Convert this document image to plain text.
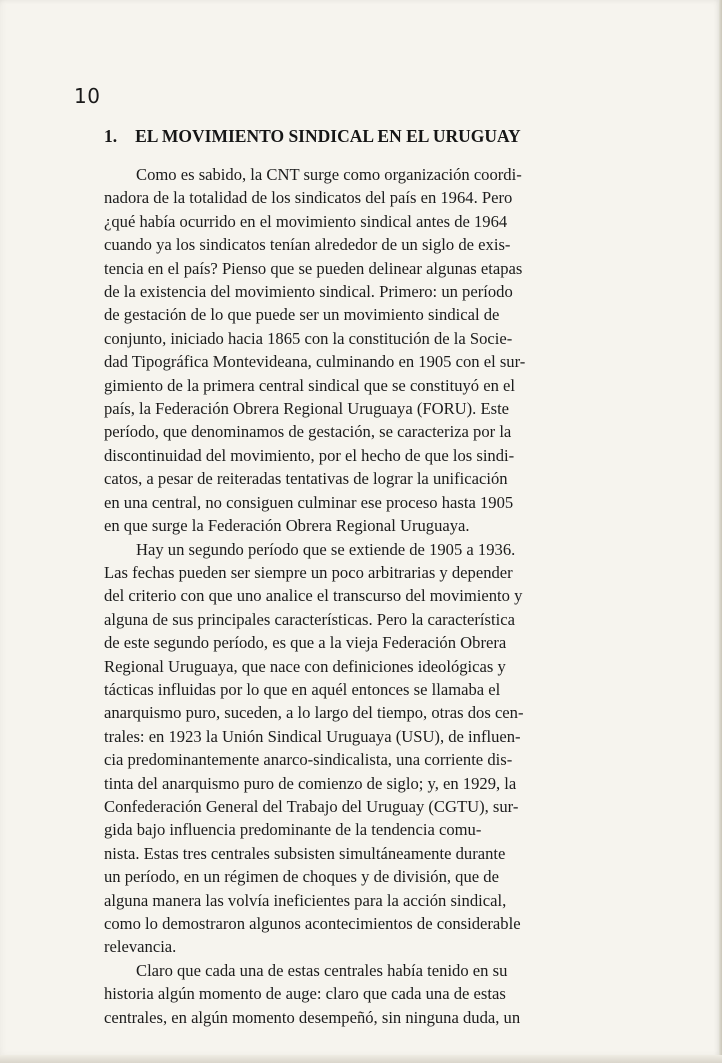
10
1. EL MOVIMIENTO SINDICAL EN EL URUGUAY

Como es sabido, la CNT surge como organización coordi-
nadora de la totalidad de los sindicatos del país en 1964. Pero
¿qué había ocurrido en el movimiento sindical antes de 1964
cuando ya los sindicatos tenían alrededor de un siglo de exis-
tencia en el país? Pienso que se pueden delinear algunas etapas
de la existencia del movimiento sindical. Primero: un período
de gestación de lo que puede ser un movimiento sindical de
conjunto, iniciado hacia 1865 con la constitución de la Socie-
dad Tipográfica Montevideana, culminando en 1905 con el sur-
gimiento de la primera central sindical que se constituyó en el
país, la Federación Obrera Regional Uruguaya (FORU). Este
período, que denominamos de gestación, se caracteriza por la
discontinuidad del movimiento, por el hecho de que los sindi-
catos, a pesar de reiteradas tentativas de lograr la unificación
en una central, no consiguen culminar ese proceso hasta 1905
en que surge la Federación Obrera Regional Uruguaya.

Hay un segundo período que se extiende de 1905 a 1936.
Las fechas pueden ser siempre un poco arbitrarias y depender
del criterio con que uno analice el transcurso del movimiento y
alguna de sus principales características. Pero la característica
de este segundo período, es que a la vieja Federación Obrera
Regional Uruguaya, que nace con definiciones ideológicas y
tácticas influidas por lo que en aquél entonces se llamaba el
anarquismo puro, suceden, a lo largo del tiempo, otras dos cen-
trales: en 1923 la Unión Sindical Uruguaya (USU), de influen-
cia predominantemente anarco-sindicalista, una corriente dis-
tinta del anarquismo puro de comienzo de siglo; y, en 1929, la
Confederación General del Trabajo del Uruguay (CGTU), sur-
gida bajo influencia predominante de la tendencia comu-
nista. Estas tres centrales subsisten simultáneamente durante
un período, en un régimen de choques y de división, que de
alguna manera las volvía ineficientes para la acción sindical,
como lo demostraron algunos acontecimientos de considerable
relevancia.

Claro que cada una de estas centrales había tenido en su
historia algún momento de auge: claro que cada una de estas
centrales, en algún momento desempeñó, sin ninguna duda, un
